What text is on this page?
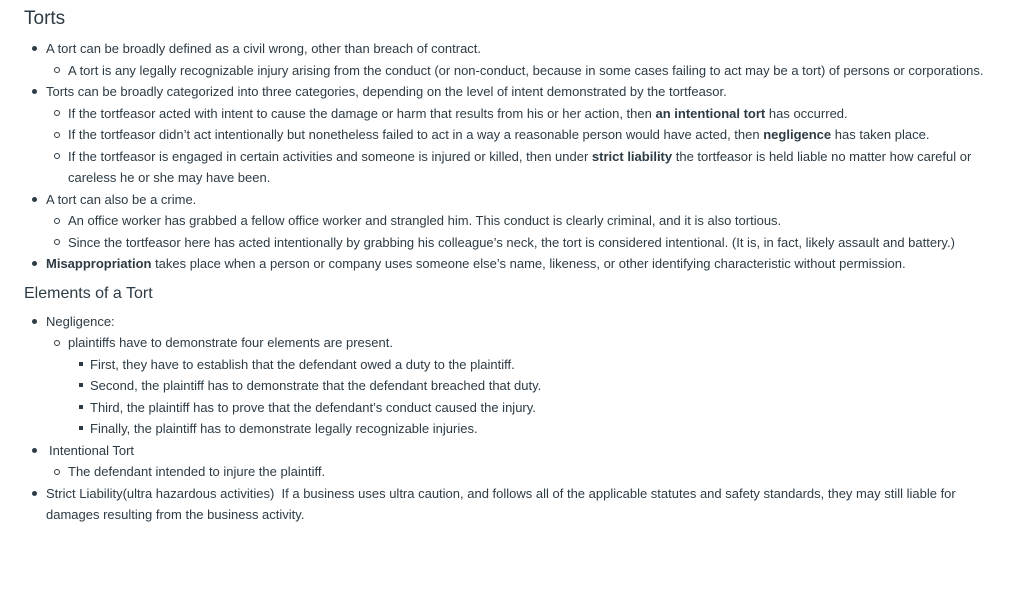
Torts
A tort can be broadly defined as a civil wrong, other than breach of contract.
A tort is any legally recognizable injury arising from the conduct (or non-conduct, because in some cases failing to act may be a tort) of persons or corporations.
Torts can be broadly categorized into three categories, depending on the level of intent demonstrated by the tortfeasor.
If the tortfeasor acted with intent to cause the damage or harm that results from his or her action, then an intentional tort has occurred.
If the tortfeasor didn’t act intentionally but nonetheless failed to act in a way a reasonable person would have acted, then negligence has taken place.
If the tortfeasor is engaged in certain activities and someone is injured or killed, then under strict liability the tortfeasor is held liable no matter how careful or careless he or she may have been.
A tort can also be a crime.
An office worker has grabbed a fellow office worker and strangled him. This conduct is clearly criminal, and it is also tortious.
Since the tortfeasor here has acted intentionally by grabbing his colleague’s neck, the tort is considered intentional. (It is, in fact, likely assault and battery.)
Misappropriation takes place when a person or company uses someone else’s name, likeness, or other identifying characteristic without permission.
Elements of a Tort
Negligence:
plaintiffs have to demonstrate four elements are present.
First, they have to establish that the defendant owed a duty to the plaintiff.
Second, the plaintiff has to demonstrate that the defendant breached that duty.
Third, the plaintiff has to prove that the defendant’s conduct caused the injury.
Finally, the plaintiff has to demonstrate legally recognizable injuries.
Intentional Tort
The defendant intended to injure the plaintiff.
Strict Liability(ultra hazardous activities)  If a business uses ultra caution, and follows all of the applicable statutes and safety standards, they may still liable for damages resulting from the business activity.
